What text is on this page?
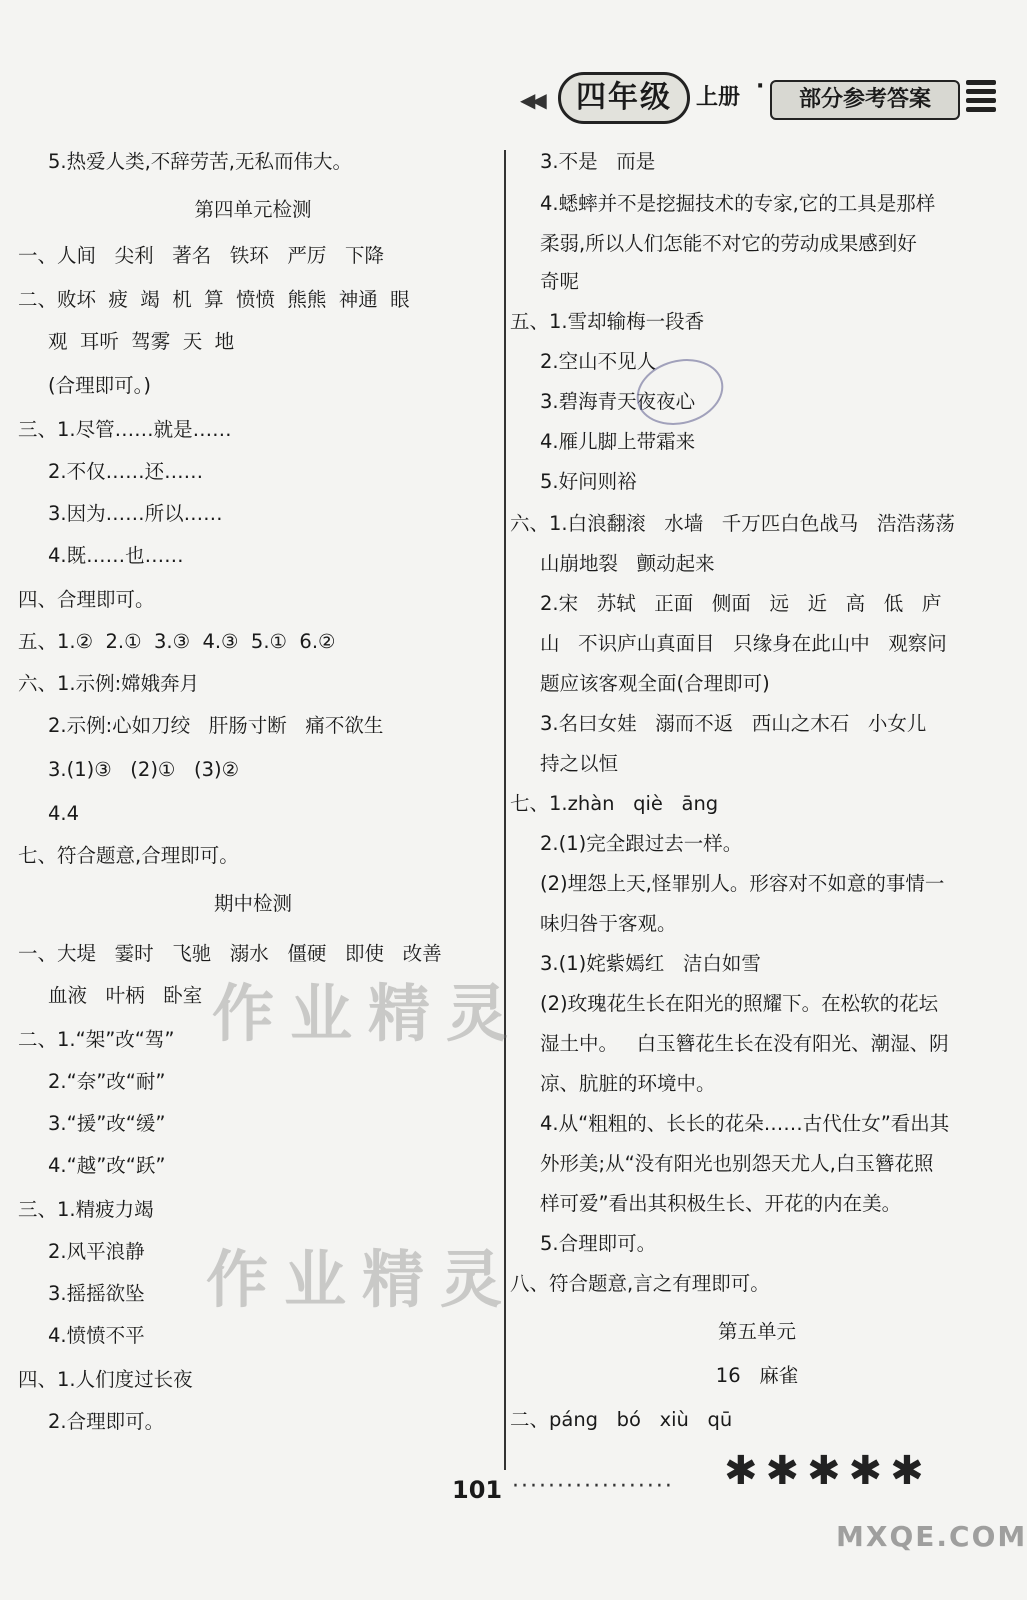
◀◀	四年级	上册 ·
部分参考答案
5.热爱人类,不辞劳苦,无私而伟大。
第四单元检测
一、人间   尖利   著名   铁环   严厉   下降
二、败坏  疲  竭  机  算  愤愤  熊熊  神通  眼
观  耳听  驾雾  天  地
(合理即可。)
三、1.尽管……就是……
2.不仅……还……
3.因为……所以……
4.既……也……
四、合理即可。
五、1.②  2.①  3.③  4.③  5.①  6.②
六、1.示例:嫦娥奔月
2.示例:心如刀绞   肝肠寸断   痛不欲生
3.(1)③   (2)①   (3)②
4.4
七、符合题意,合理即可。
期中检测
一、大堤   霎时   飞驰   溺水   僵硬   即使   改善
血液   叶柄   卧室
二、1.“架”改“驾”
2.“奈”改“耐”
3.“援”改“缓”
4.“越”改“跃”
三、1.精疲力竭
2.风平浪静
3.摇摇欲坠
4.愤愤不平
四、1.人们度过长夜
2.合理即可。
3.不是   而是
4.蟋蟀并不是挖掘技术的专家,它的工具是那样
柔弱,所以人们怎能不对它的劳动成果感到好
奇呢
五、1.雪却输梅一段香
2.空山不见人
3.碧海青天夜夜心
4.雁儿脚上带霜来
5.好问则裕
六、1.白浪翻滚   水墙   千万匹白色战马   浩浩荡荡
山崩地裂   颤动起来
2.宋   苏轼   正面   侧面   远   近   高   低   庐
山   不识庐山真面目   只缘身在此山中   观察问
题应该客观全面(合理即可)
3.名曰女娃   溺而不返   西山之木石   小女儿
持之以恒
七、1.zhàn   qiè   āng
2.(1)完全跟过去一样。
(2)埋怨上天,怪罪别人。形容对不如意的事情一
味归咎于客观。
3.(1)姹紫嫣红   洁白如雪
(2)玫瑰花生长在阳光的照耀下。在松软的花坛
湿土中。   白玉簪花生长在没有阳光、潮湿、阴
凉、肮脏的环境中。
4.从“粗粗的、长长的花朵……古代仕女”看出其
外形美;从“没有阳光也别怨天尤人,白玉簪花照
样可爱”看出其积极生长、开花的内在美。
5.合理即可。
八、符合题意,言之有理即可。
第五单元
16   麻雀
二、páng   bó   xiù   qū
作业精灵
作业精灵
101 ·················· ✱✱✱✱✱
MXQE.COM
